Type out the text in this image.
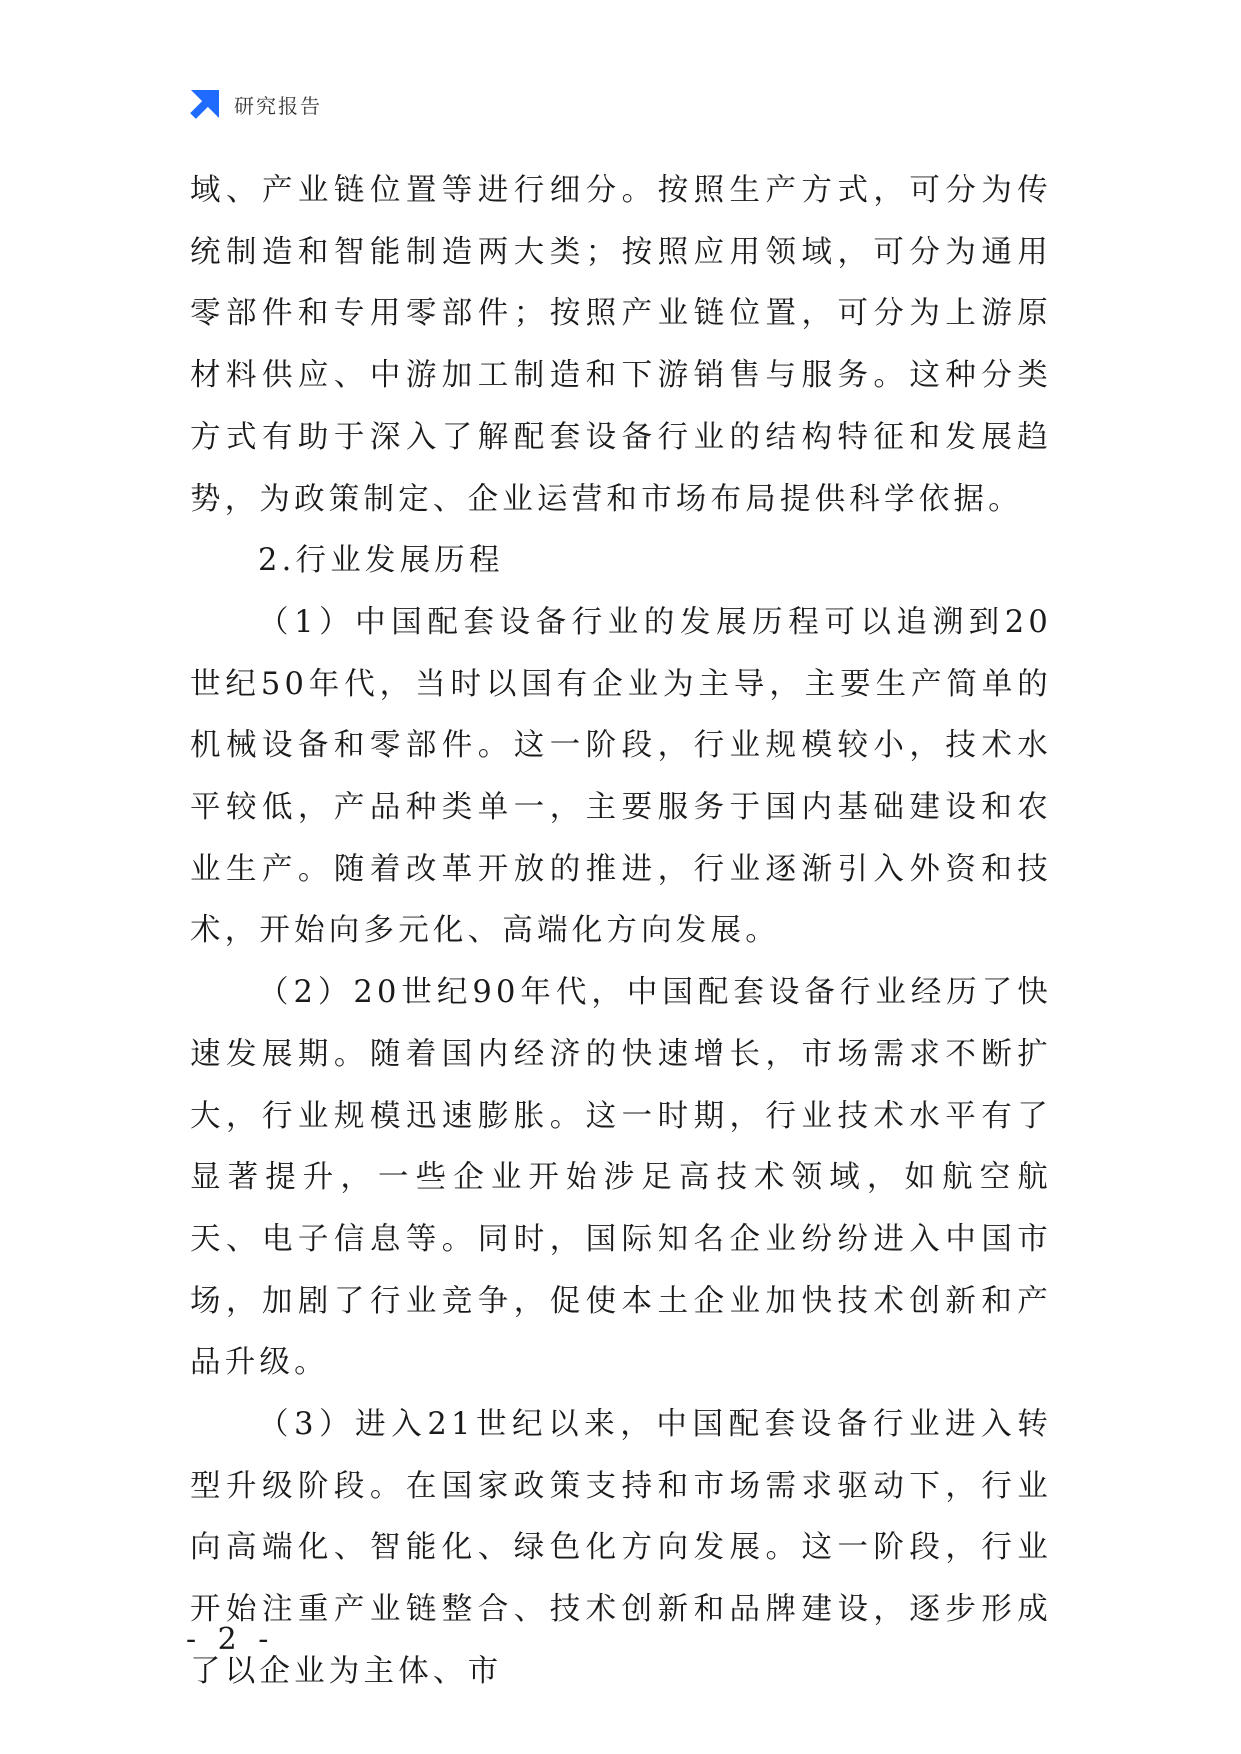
研究报告

域、产业链位置等进行细分。按照生产方式，可分为传统制造和智能制造两大类；按照应用领域，可分为通用零部件和专用零部件；按照产业链位置，可分为上游原材料供应、中游加工制造和下游销售与服务。这种分类方式有助于深入了解配套设备行业的结构特征和发展趋势，为政策制定、企业运营和市场布局提供科学依据。

2.行业发展历程

（1）中国配套设备行业的发展历程可以追溯到20世纪50年代，当时以国有企业为主导，主要生产简单的机械设备和零部件。这一阶段，行业规模较小，技术水平较低，产品种类单一，主要服务于国内基础建设和农业生产。随着改革开放的推进，行业逐渐引入外资和技术，开始向多元化、高端化方向发展。

（2）20世纪90年代，中国配套设备行业经历了快速发展期。随着国内经济的快速增长，市场需求不断扩大，行业规模迅速膨胀。这一时期，行业技术水平有了显著提升，一些企业开始涉足高技术领域，如航空航天、电子信息等。同时，国际知名企业纷纷进入中国市场，加剧了行业竞争，促使本土企业加快技术创新和产品升级。

（3）进入21世纪以来，中国配套设备行业进入转型升级阶段。在国家政策支持和市场需求驱动下，行业向高端化、智能化、绿色化方向发展。这一阶段，行业开始注重产业链整合、技术创新和品牌建设，逐步形成了以企业为主体、市

- 2 -
